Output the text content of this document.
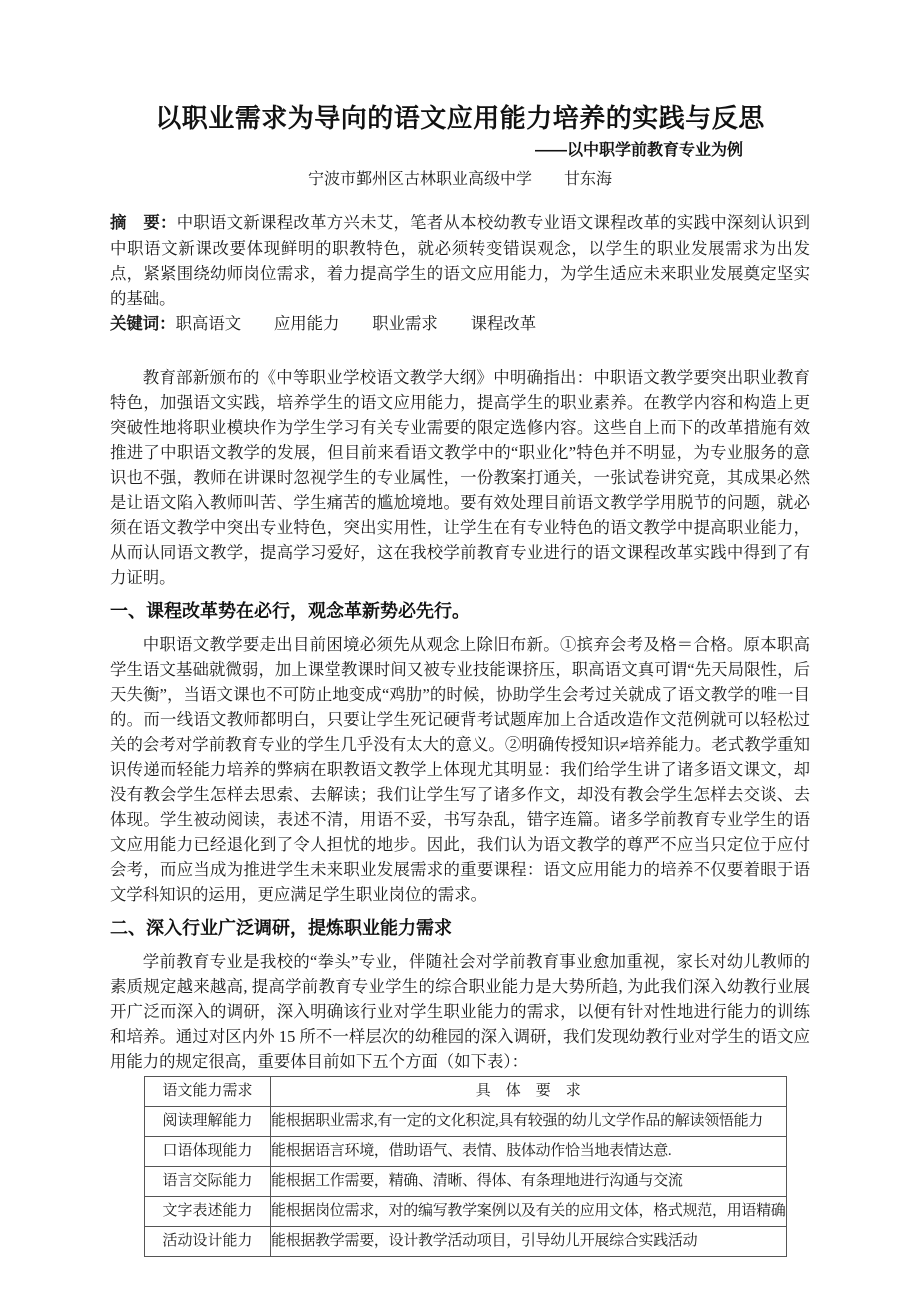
以职业需求为导向的语文应用能力培养的实践与反思

——以中职学前教育专业为例

宁波市鄞州区古林职业高级中学　　甘东海

摘　要：中职语文新课程改革方兴未艾，笔者从本校幼教专业语文课程改革的实践中深刻认识到中职语文新课改要体现鲜明的职教特色，就必须转变错误观念，以学生的职业发展需求为出发点，紧紧围绕幼师岗位需求，着力提高学生的语文应用能力，为学生适应未来职业发展奠定坚实的基础。

关键词：职高语文　　应用能力　　职业需求　　课程改革

教育部新颁布的《中等职业学校语文教学大纲》中明确指出：中职语文教学要突出职业教育特色，加强语文实践，培养学生的语文应用能力，提高学生的职业素养。在教学内容和构造上更突破性地将职业模块作为学生学习有关专业需要的限定选修内容。这些自上而下的改革措施有效推进了中职语文教学的发展，但目前来看语文教学中的“职业化”特色并不明显，为专业服务的意识也不强，教师在讲课时忽视学生的专业属性，一份教案打通关，一张试卷讲究竟，其成果必然是让语文陷入教师叫苦、学生痛苦的尴尬境地。要有效处理目前语文教学学用脱节的问题，就必须在语文教学中突出专业特色，突出实用性，让学生在有专业特色的语文教学中提高职业能力，从而认同语文教学，提高学习爱好，这在我校学前教育专业进行的语文课程改革实践中得到了有力证明。

一、课程改革势在必行，观念革新势必先行。

中职语文教学要走出目前困境必须先从观念上除旧布新。①摈弃会考及格＝合格。原本职高学生语文基础就微弱，加上课堂教课时间又被专业技能课挤压，职高语文真可谓“先天局限性，后天失衡”，当语文课也不可防止地变成“鸡肋”的时候，协助学生会考过关就成了语文教学的唯一目的。而一线语文教师都明白，只要让学生死记硬背考试题库加上合适改造作文范例就可以轻松过关的会考对学前教育专业的学生几乎没有太大的意义。②明确传授知识≠培养能力。老式教学重知识传递而轻能力培养的弊病在职教语文教学上体现尤其明显：我们给学生讲了诸多语文课文，却没有教会学生怎样去思索、去解读；我们让学生写了诸多作文，却没有教会学生怎样去交谈、去体现。学生被动阅读，表述不清，用语不妥，书写杂乱，错字连篇。诸多学前教育专业学生的语文应用能力已经退化到了令人担忧的地步。因此，我们认为语文教学的尊严不应当只定位于应付会考，而应当成为推进学生未来职业发展需求的重要课程：语文应用能力的培养不仅要着眼于语文学科知识的运用，更应满足学生职业岗位的需求。

二、深入行业广泛调研，提炼职业能力需求

学前教育专业是我校的“拳头”专业，伴随社会对学前教育事业愈加重视，家长对幼儿教师的素质规定越来越高, 提高学前教育专业学生的综合职业能力是大势所趋, 为此我们深入幼教行业展开广泛而深入的调研，深入明确该行业对学生职业能力的需求，以便有针对性地进行能力的训练和培养。通过对区内外 15 所不一样层次的幼稚园的深入调研，我们发现幼教行业对学生的语文应用能力的规定很高，重要体目前如下五个方面（如下表）：

语文能力需求	具　体　要　求
阅读理解能力	能根据职业需求,有一定的文化积淀,具有较强的幼儿文学作品的解读领悟能力
口语体现能力	能根据语言环境，借助语气、表情、肢体动作恰当地表情达意.
语言交际能力	能根据工作需要，精确、清晰、得体、有条理地进行沟通与交流
文字表述能力	能根据岗位需求，对的编写教学案例以及有关的应用文体，格式规范，用语精确
活动设计能力	能根据教学需要，设计教学活动项目，引导幼儿开展综合实践活动
